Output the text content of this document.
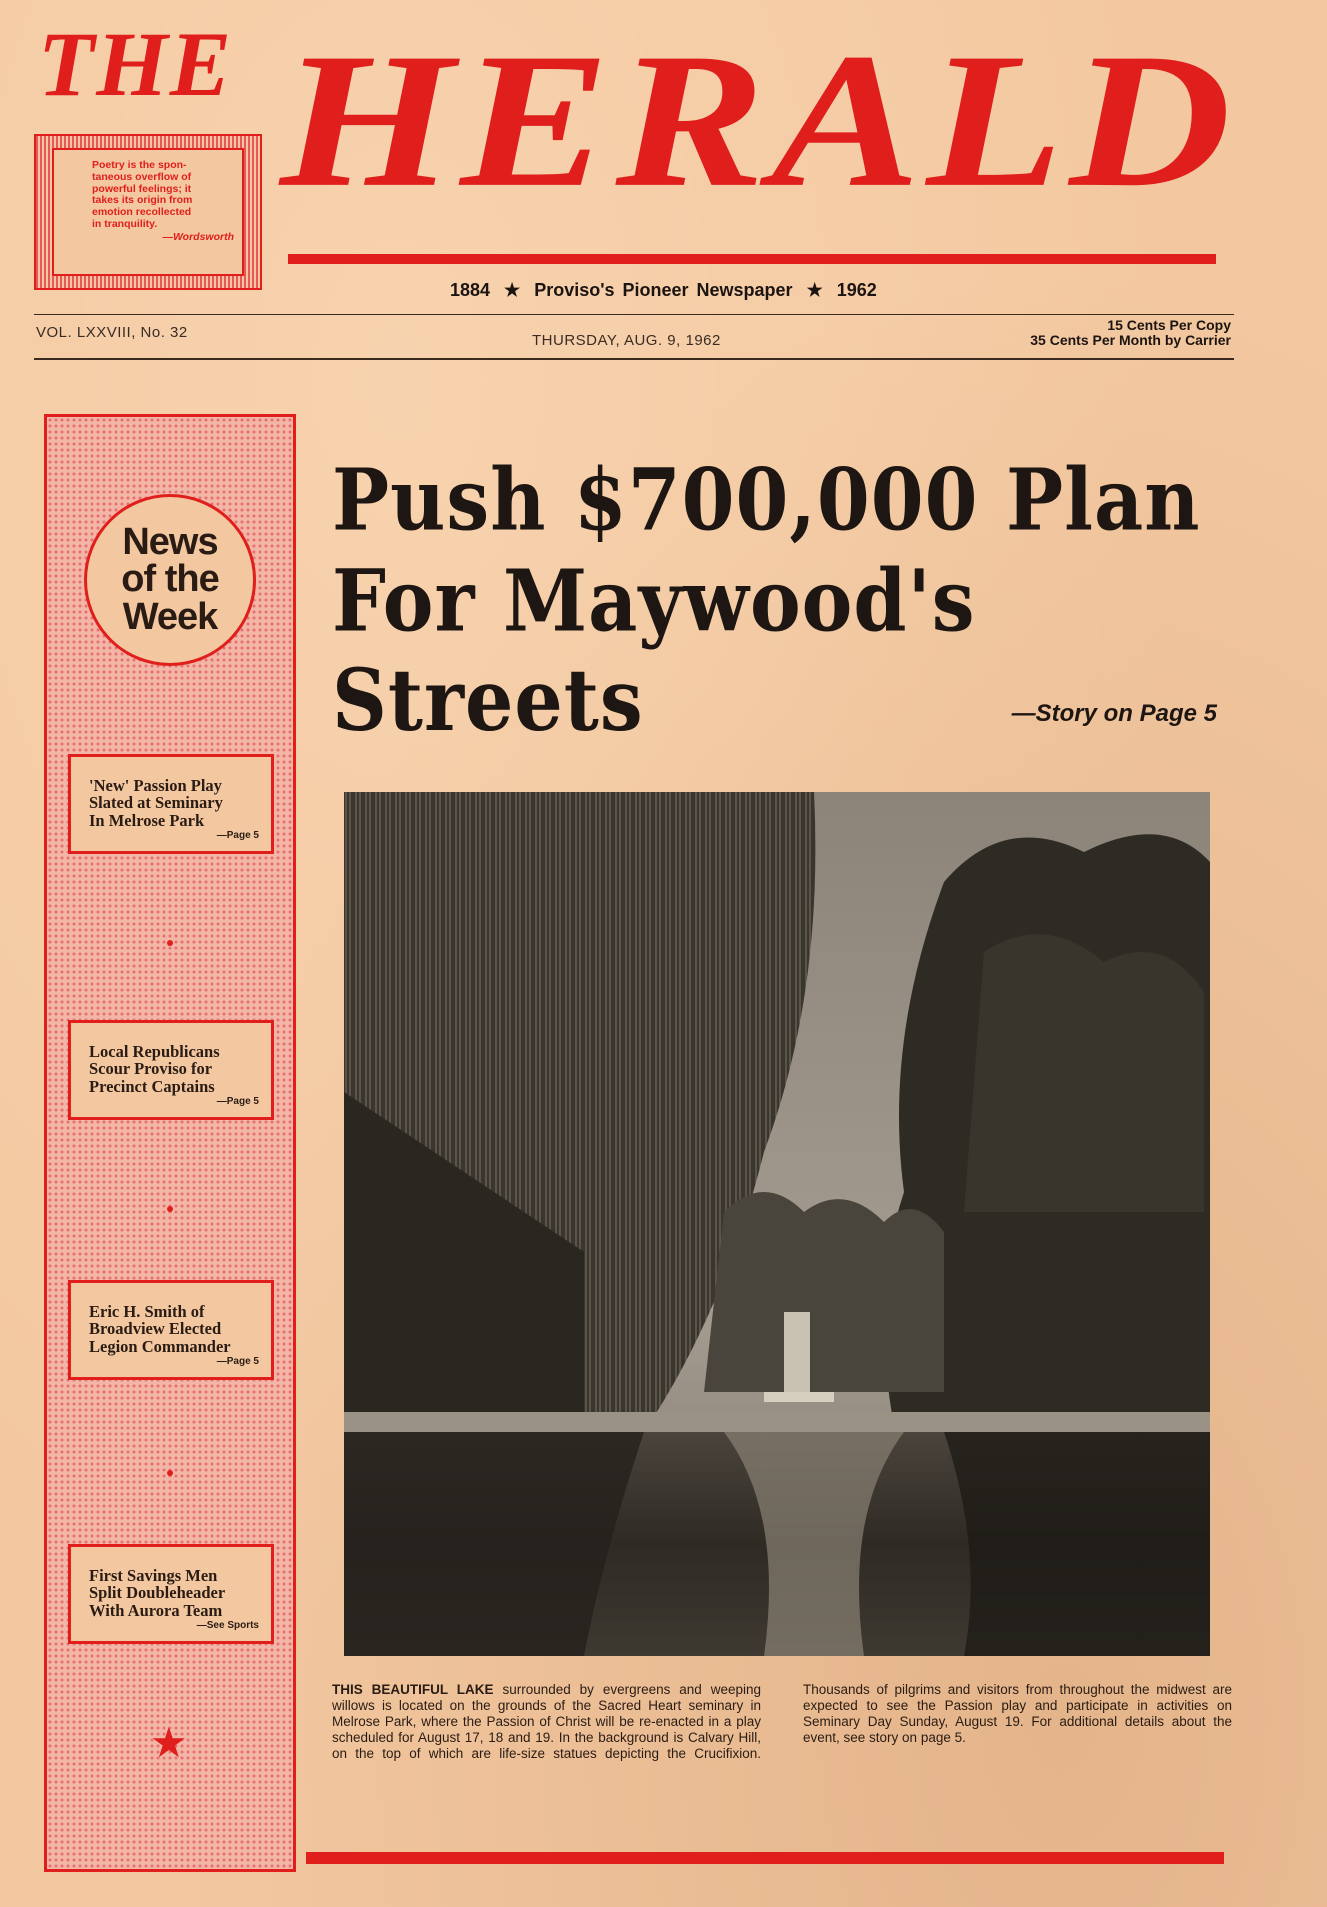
THE HERALD
Poetry is the spon-
taneous overflow of
powerful feelings; it
takes its origin from
emotion recollected
in tranquility.
—Wordsworth
1884 ★ Proviso's Pioneer Newspaper ★ 1962
VOL. LXXVIII, No. 32	THURSDAY, AUG. 9, 1962
15 Cents Per Copy
35 Cents Per Month by Carrier
News
of the
Week
'New' Passion Play
Slated at Seminary
In Melrose Park
—Page 5
Local Republicans
Scour Proviso for
Precinct Captains
—Page 5
Eric H. Smith of
Broadview Elected
Legion Commander
—Page 5
First Savings Men
Split Doubleheader
With Aurora Team
—See Sports
★
Push $700,000 Plan
For Maywood's Streets	—Story on Page 5
THIS BEAUTIFUL LAKE surrounded by evergreens and weeping willows is located on the grounds of the Sacred Heart seminary in Melrose Park, where the Passion of Christ will be re-enacted in a play scheduled for August 17, 18 and 19. In the background is Calvary Hill, on the top of which are life-size statues depicting the Crucifixion. Thousands of pilgrims and visitors from throughout the midwest are expected to see the Passion play and participate in activities on Seminary Day Sunday, August 19. For additional details about the event, see story on page 5.
